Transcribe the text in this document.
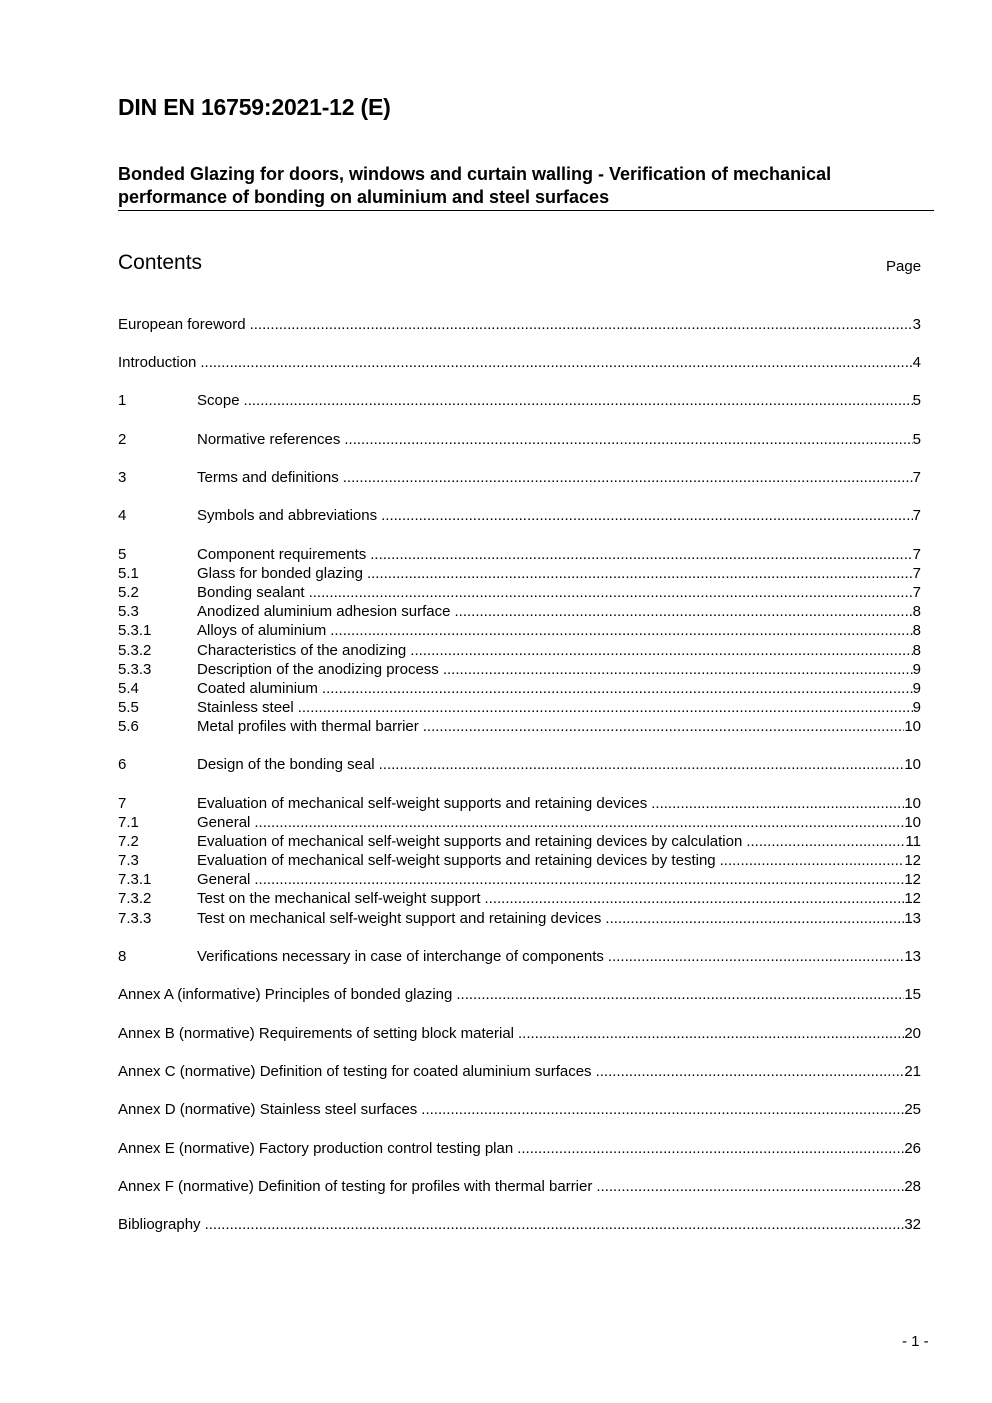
DIN EN 16759:2021-12 (E)
Bonded Glazing for doors, windows and curtain walling - Verification of mechanical performance of bonding on aluminium and steel surfaces
Contents	Page
European foreword .....	3
Introduction .....	4
1	Scope .....	5
2	Normative references .....	5
3	Terms and definitions .....	7
4	Symbols and abbreviations .....	7
5	Component requirements .....	7
5.1	Glass for bonded glazing .....	7
5.2	Bonding sealant .....	7
5.3	Anodized aluminium adhesion surface .....	8
5.3.1	Alloys of aluminium .....	8
5.3.2	Characteristics of the anodizing .....	8
5.3.3	Description of the anodizing process .....	9
5.4	Coated aluminium .....	9
5.5	Stainless steel .....	9
5.6	Metal profiles with thermal barrier .....	10
6	Design of the bonding seal .....	10
7	Evaluation of mechanical self-weight supports and retaining devices .....	10
7.1	General .....	10
7.2	Evaluation of mechanical self-weight supports and retaining devices by calculation .....	11
7.3	Evaluation of mechanical self-weight supports and retaining devices by testing .....	12
7.3.1	General .....	12
7.3.2	Test on the mechanical self-weight support .....	12
7.3.3	Test on mechanical self-weight support and retaining devices .....	13
8	Verifications necessary in case of interchange of components .....	13
Annex A (informative) Principles of bonded glazing .....	15
Annex B (normative) Requirements of setting block material .....	20
Annex C (normative) Definition of testing for coated aluminium surfaces .....	21
Annex D (normative) Stainless steel surfaces .....	25
Annex E (normative) Factory production control testing plan .....	26
Annex F (normative) Definition of testing for profiles with thermal barrier .....	28
Bibliography .....	32
- 1 -
